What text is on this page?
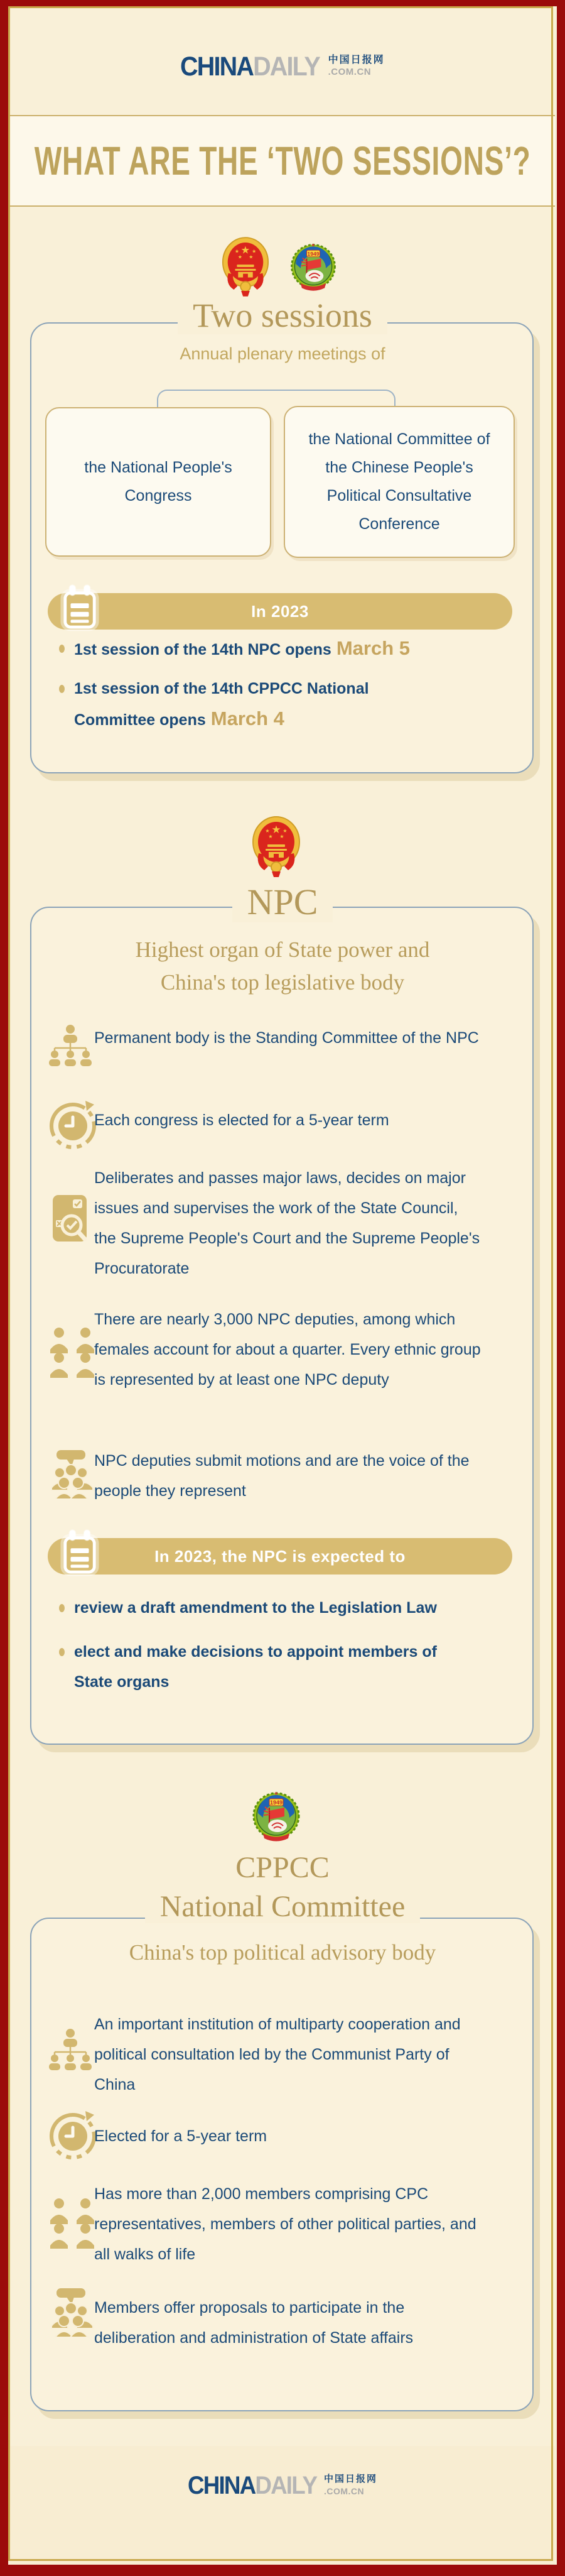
CHINADAILY 中国日报网
.COM.CN
WHAT ARE THE ‘TWO SESSIONS’?
Two sessions
Annual plenary meetings of
the National People's Congress
the National Committee of the Chinese People's Political Consultative Conference
In 2023

1st session of the 14th NPC opens March 5

1st session of the 14th CPPCC National Committee opens March 4

NPC
Highest organ of State power and China's top legislative body
Permanent body is the Standing Committee of the NPC
Each congress is elected for a 5-year term
Deliberates and passes major laws, decides on major issues and supervises the work of the State Council, the Supreme People's Court and the Supreme People's Procuratorate
There are nearly 3,000 NPC deputies, among which females account for about a quarter. Every ethnic group is represented by at least one NPC deputy
NPC deputies submit motions and are the voice of the people they represent
In 2023, the NPC is expected to

review a draft amendment to the Legislation Law

elect and make decisions to appoint members of State organs

CPPCC
National Committee
China's top political advisory body
An important institution of multiparty cooperation and political consultation led by the Communist Party of China
Elected for a 5-year term
Has more than 2,000 members comprising CPC representatives, members of other political parties, and all walks of life
Members offer proposals to participate in the deliberation and administration of State affairs
CHINADAILY 中国日报网
.COM.CN
